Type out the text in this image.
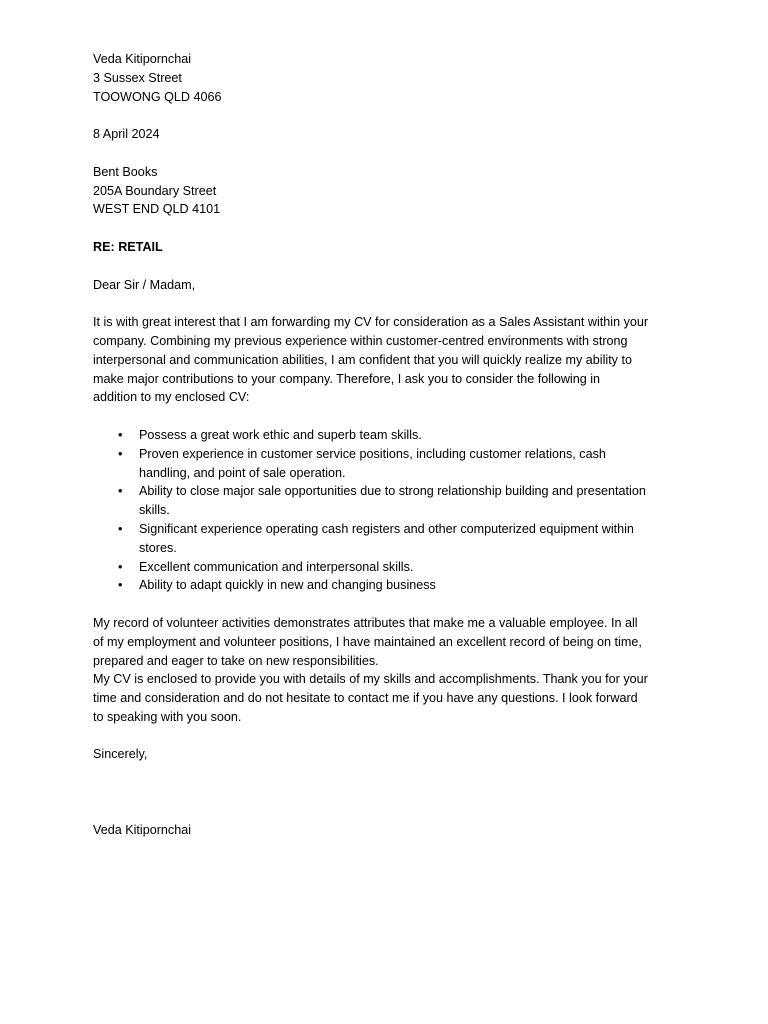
Veda Kitipornchai
3 Sussex Street
TOOWONG QLD 4066
8 April 2024
Bent Books
205A Boundary Street
WEST END QLD 4101
RE: RETAIL
Dear Sir / Madam,
It is with great interest that I am forwarding my CV for consideration as a Sales Assistant within your
company. Combining my previous experience within customer-centred environments with strong
interpersonal and communication abilities, I am confident that you will quickly realize my ability to
make major contributions to your company. Therefore, I ask you to consider the following in
addition to my enclosed CV:
• Possess a great work ethic and superb team skills.
• Proven experience in customer service positions, including customer relations, cash
handling, and point of sale operation.
• Ability to close major sale opportunities due to strong relationship building and presentation
skills.
• Significant experience operating cash registers and other computerized equipment within
stores.
• Excellent communication and interpersonal skills.
• Ability to adapt quickly in new and changing business
My record of volunteer activities demonstrates attributes that make me a valuable employee. In all
of my employment and volunteer positions, I have maintained an excellent record of being on time,
prepared and eager to take on new responsibilities.
My CV is enclosed to provide you with details of my skills and accomplishments. Thank you for your
time and consideration and do not hesitate to contact me if you have any questions. I look forward
to speaking with you soon.
Sincerely,
Veda Kitipornchai
